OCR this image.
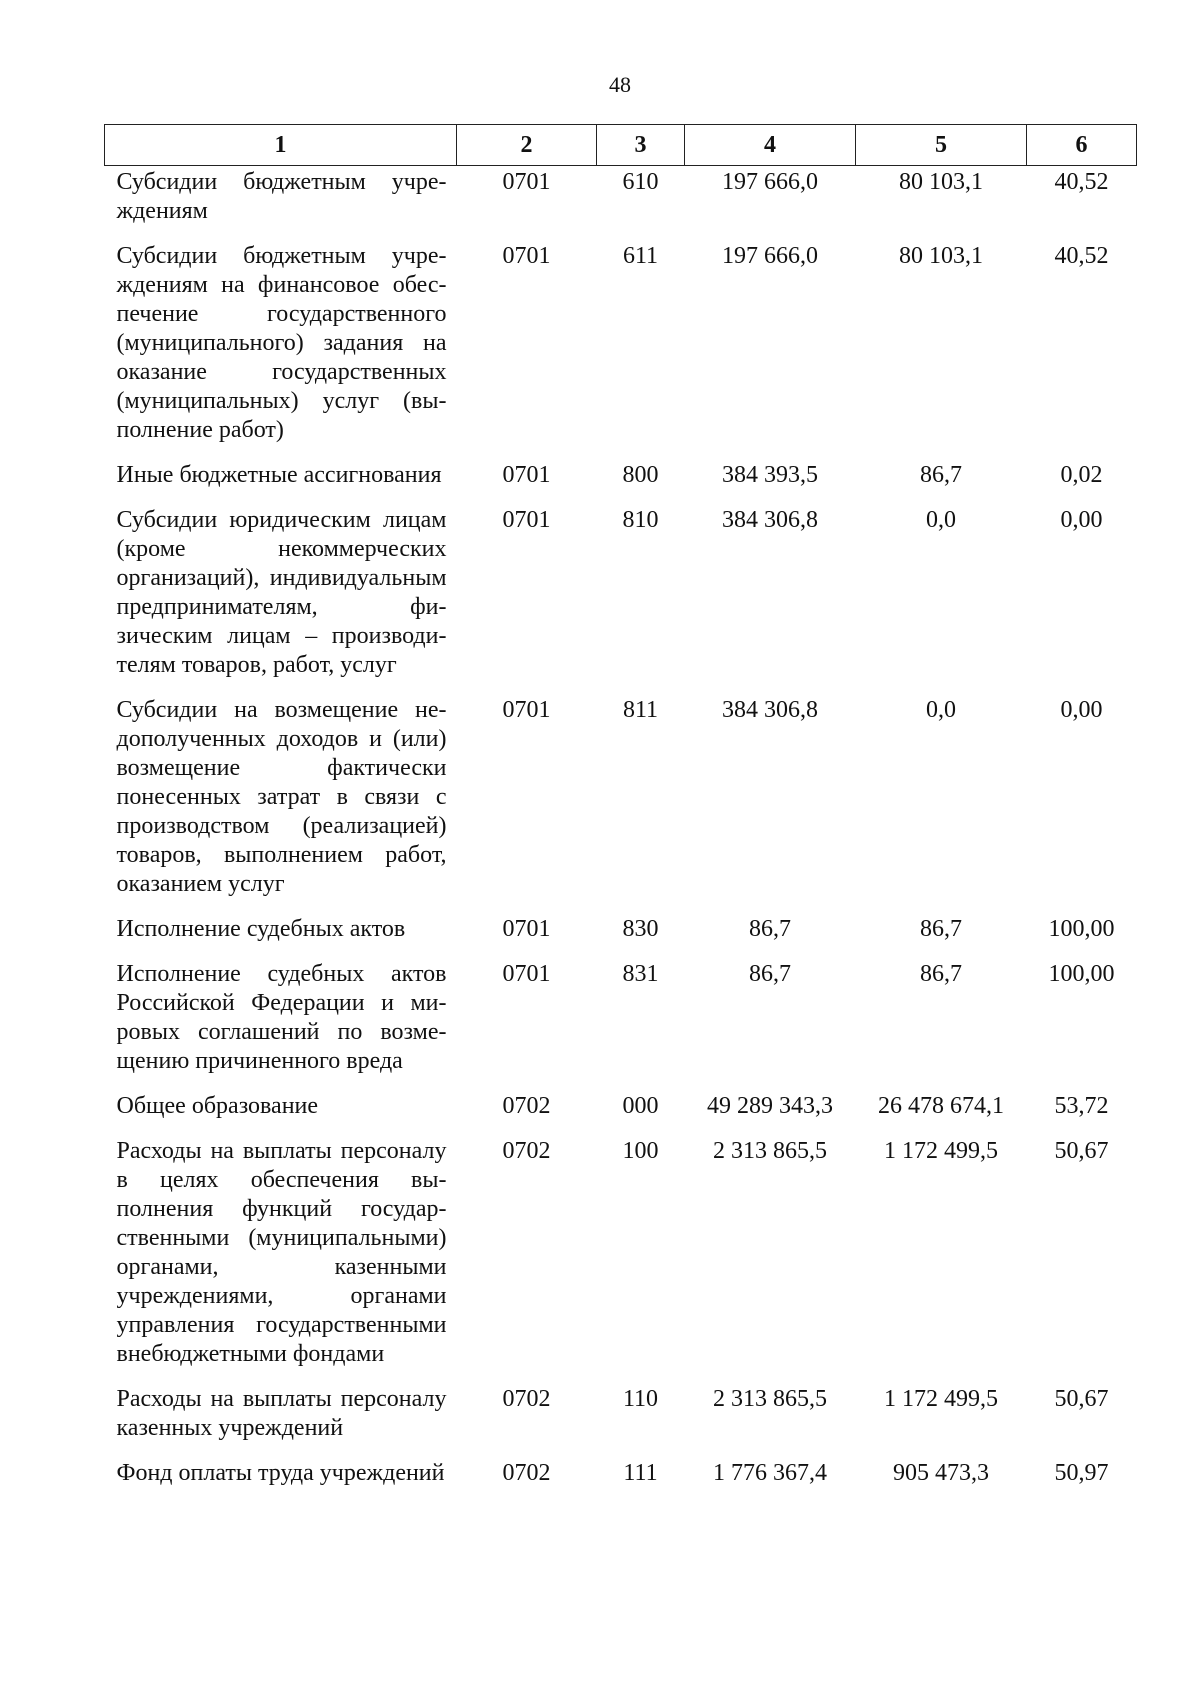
48
1	2	3	4	5	6
Субсидии бюджетным учреждениям	0701	610	197 666,0	80 103,1	40,52
Субсидии бюджетным учреждениям на финансовое обеспечение государственного (муниципального) задания на оказание государственных (муниципальных) услуг (выполнение работ)	0701	611	197 666,0	80 103,1	40,52
Иные бюджетные ассигнования	0701	800	384 393,5	86,7	0,02
Субсидии юридическим лицам (кроме некоммерческих организаций), индивидуальным предпринимателям, физическим лицам – производителям товаров, работ, услуг	0701	810	384 306,8	0,0	0,00
Субсидии на возмещение недополученных доходов и (или) возмещение фактически понесенных затрат в связи с производством (реализацией) товаров, выполнением работ, оказанием услуг	0701	811	384 306,8	0,0	0,00
Исполнение судебных актов	0701	830	86,7	86,7	100,00
Исполнение судебных актов Российской Федерации и мировых соглашений по возмещению причиненного вреда	0701	831	86,7	86,7	100,00
Общее образование	0702	000	49 289 343,3	26 478 674,1	53,72
Расходы на выплаты персоналу в целях обеспечения выполнения функций государственными (муниципальными) органами, казенными учреждениями, органами управления государственными внебюджетными фондами	0702	100	2 313 865,5	1 172 499,5	50,67
Расходы на выплаты персоналу казенных учреждений	0702	110	2 313 865,5	1 172 499,5	50,67
Фонд оплаты труда учреждений	0702	111	1 776 367,4	905 473,3	50,97
